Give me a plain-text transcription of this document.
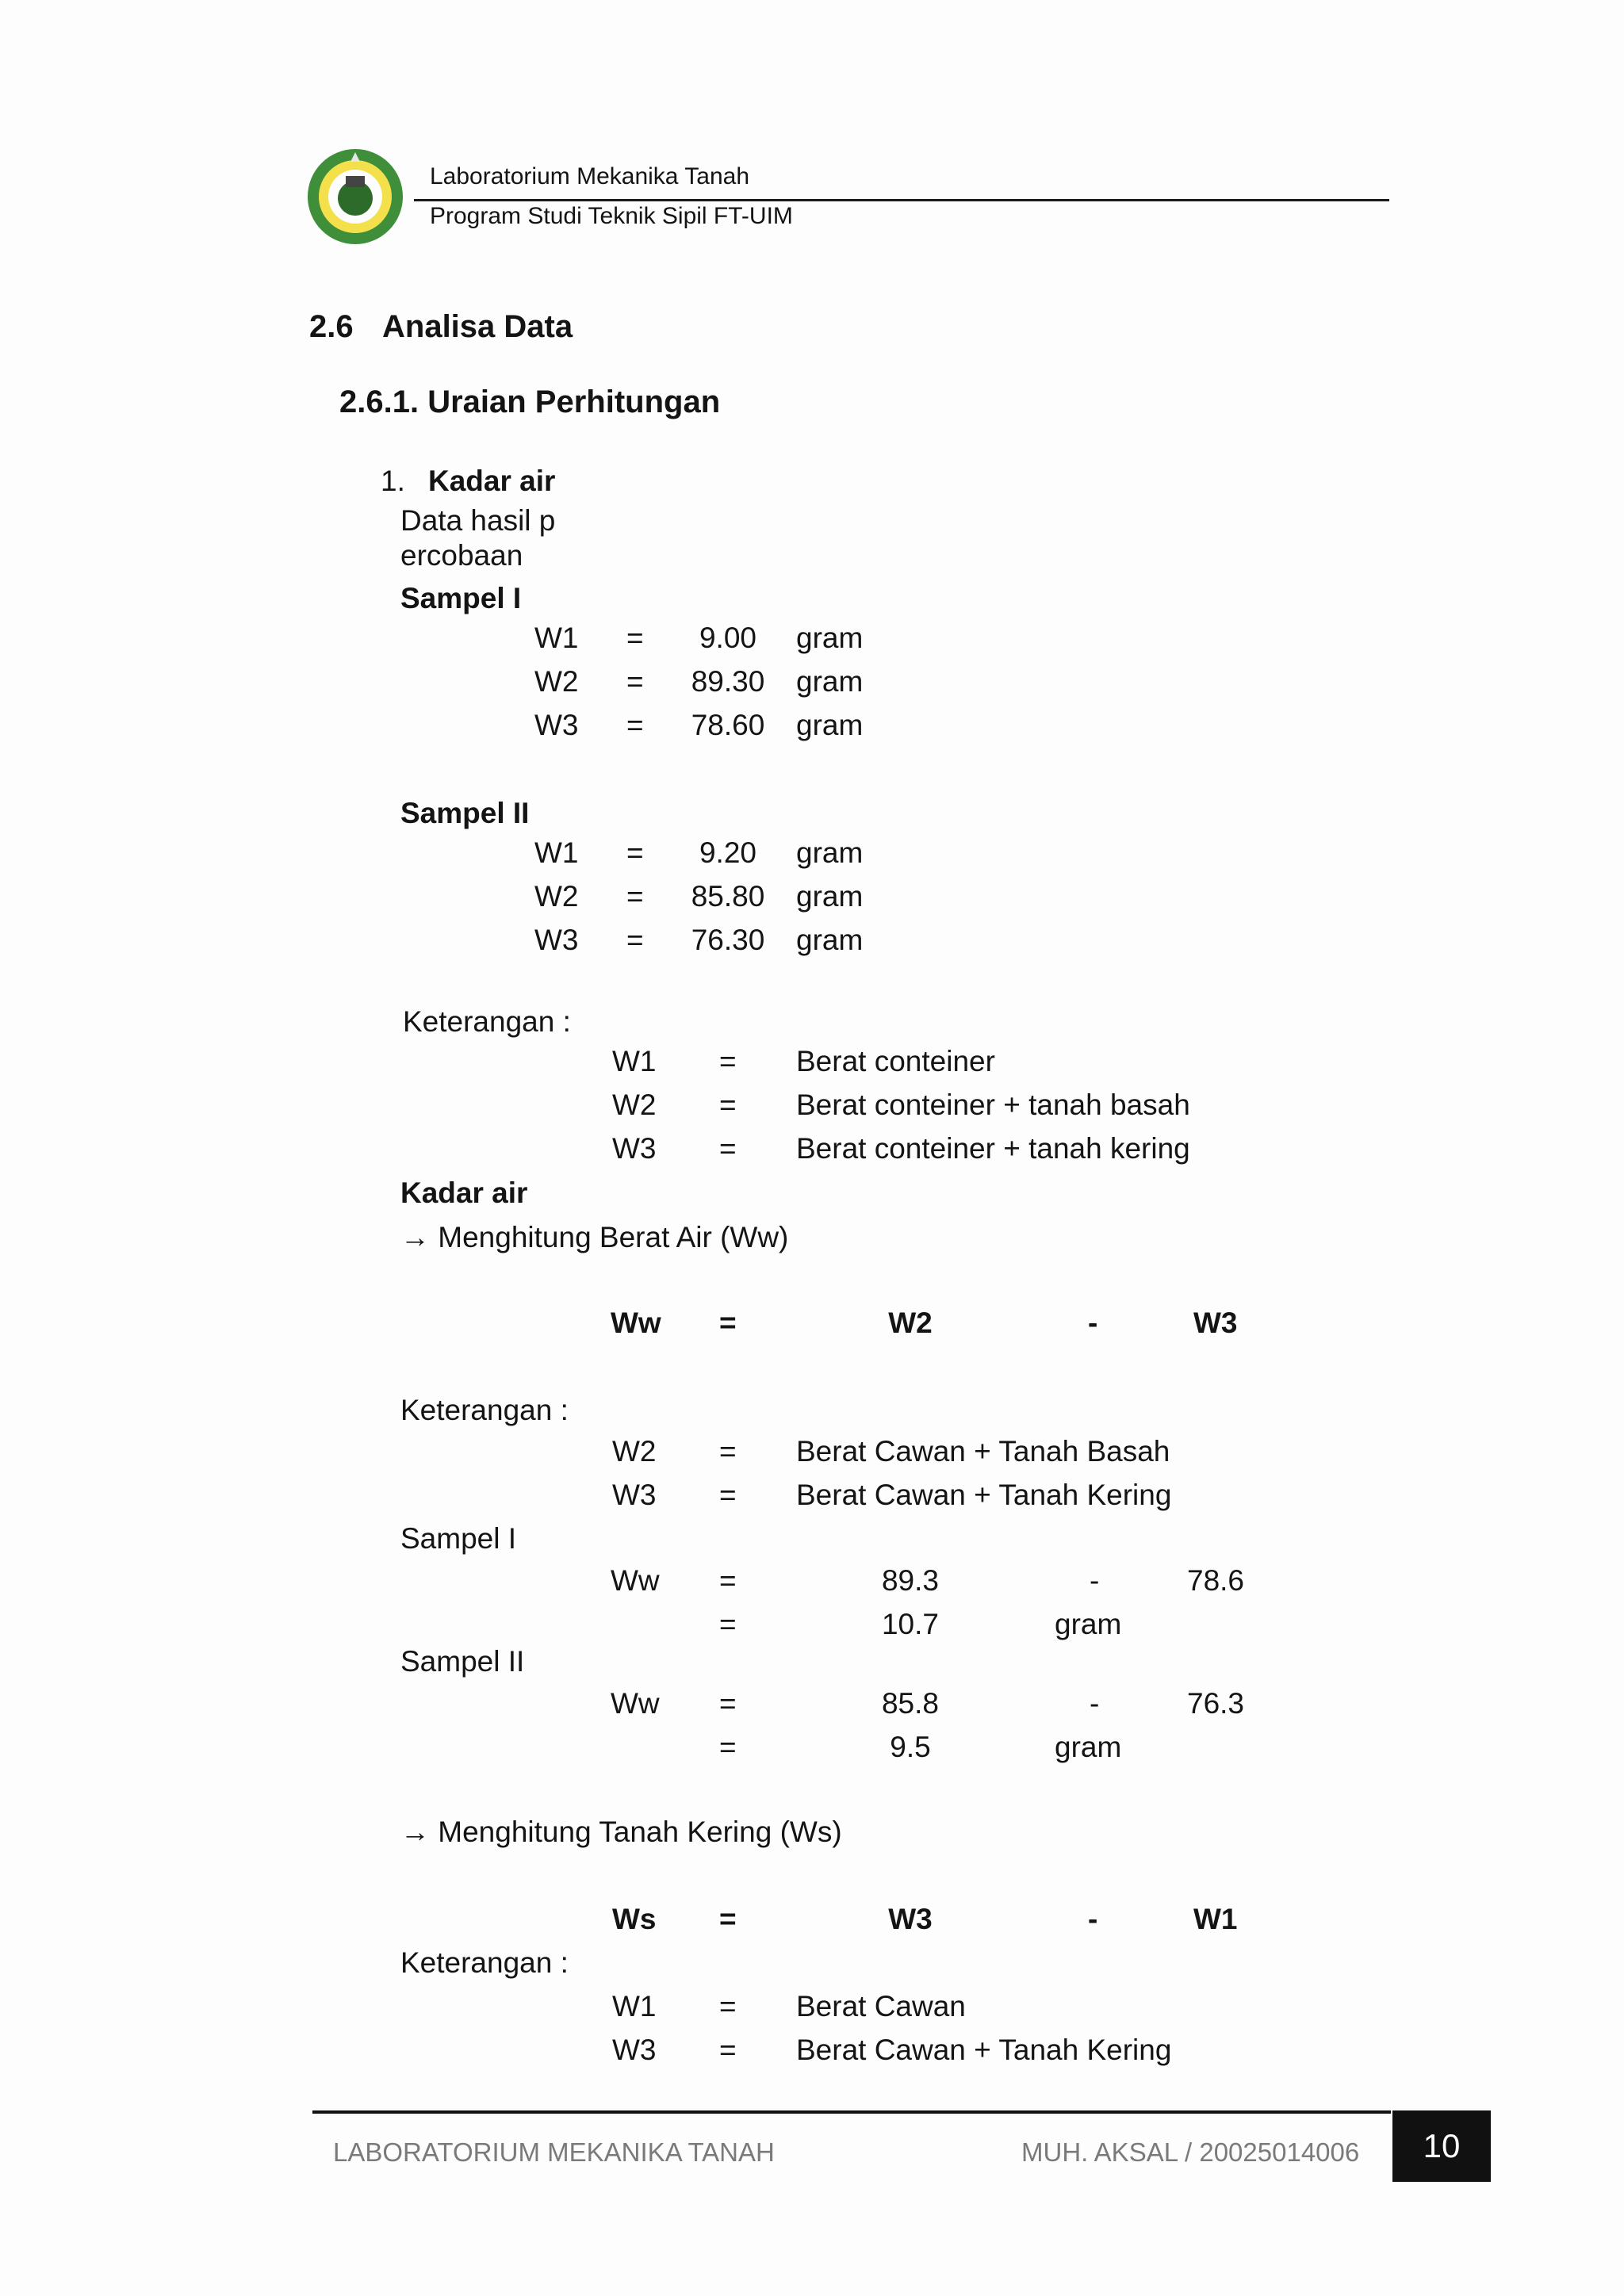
Laboratorium Mekanika Tanah
Program Studi Teknik Sipil FT-UIM
2.6 Analisa Data
2.6.1. Uraian Perhitungan
1. Kadar air
Data hasil p
ercobaan
Sampel I
W1 =	9.00	gram
W2 =	89.30	gram
W3 =	78.60	gram
Sampel II
W1 =	9.20	gram
W2 =	85.80	gram
W3 =	76.30	gram
Keterangan :
W1 = Berat conteiner
W2 = Berat conteiner + tanah basah
W3 = Berat conteiner + tanah kering
Kadar air
→ Menghitung Berat Air (Ww)
Ww =	W2	-	W3
Keterangan :
W2 = Berat Cawan + Tanah Basah
W3 = Berat Cawan + Tanah Kering
Sampel I
Ww =	89.3	-	78.6
=	10.7	gram
Sampel II
Ww =	85.8	-	76.3
=	9.5	gram
→ Menghitung Tanah Kering (Ws)
Ws =	W3	-	W1
Keterangan :
W1 = Berat Cawan
W3 = Berat Cawan + Tanah Kering
LABORATORIUM MEKANIKA TANAH	MUH. AKSAL / 20025014006	10
